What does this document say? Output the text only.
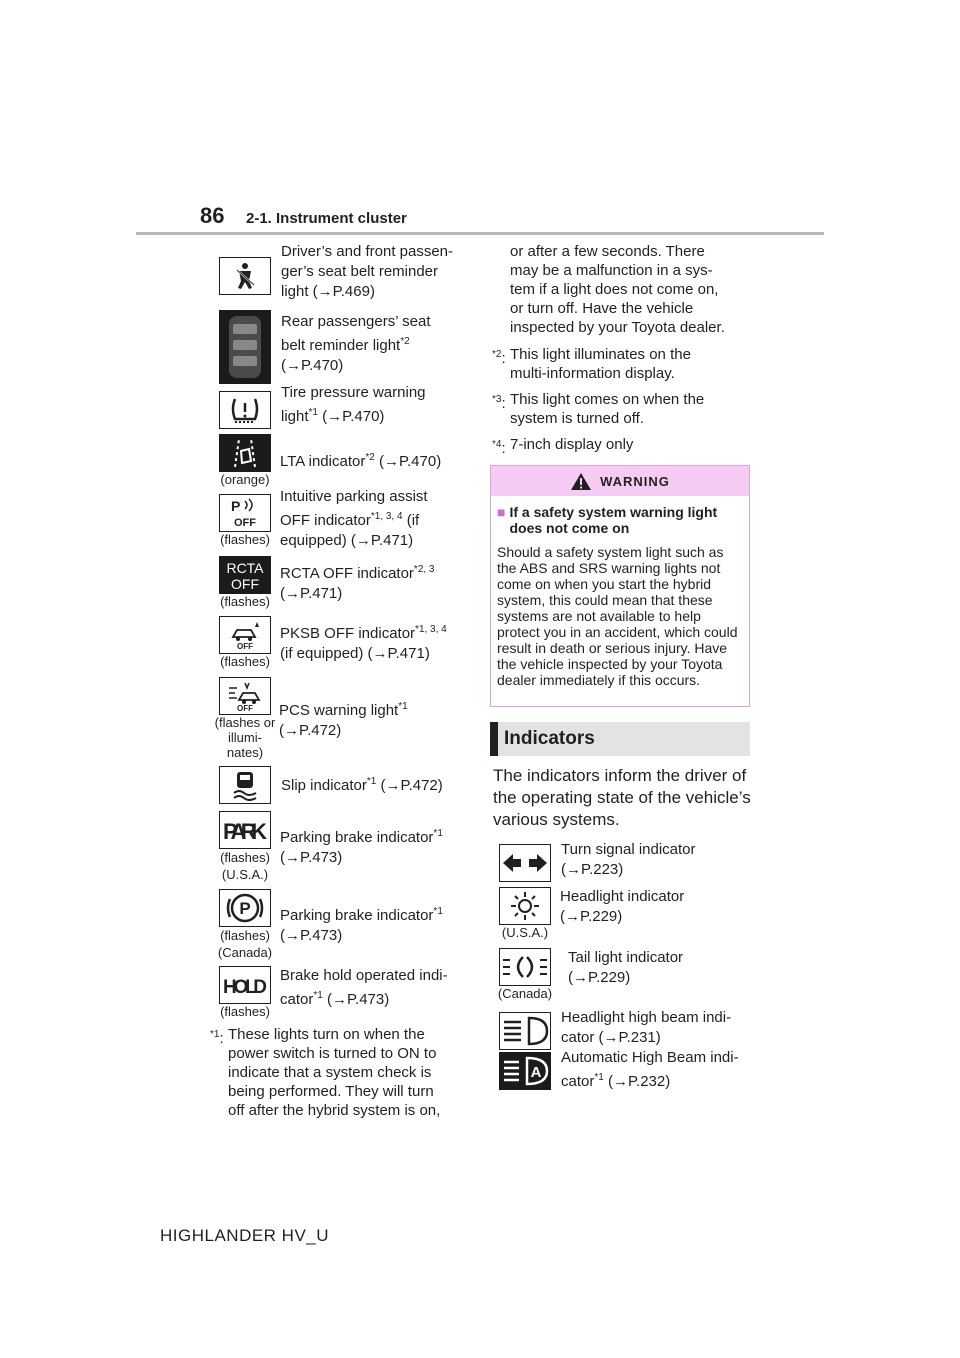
86 2-1. Instrument cluster
Driver’s and front passen-
ger’s seat belt reminder
light (→P.469)
Rear passengers’ seat
belt reminder light$^{*2}$
(→P.470)
Tire pressure warning
light$^{*1}$ (→P.470)
(orange)
LTA indicator$^{*2}$ (→P.470)
P
OFF
(flashes)
Intuitive parking assist
OFF indicator$^{*1, 3, 4}$ (if
equipped) (→P.471)
RCTA
OFF
(flashes)
RCTA OFF indicator$^{*2, 3}$
(→P.471)
OFF
(flashes)
PKSB OFF indicator$^{*1, 3, 4}$
(if equipped) (→P.471)
OFF
(flashes or
illumi-
nates)
PCS warning light$^{*1}$
(→P.472)
Slip indicator$^{*1}$ (→P.472)
PARK
(flashes)
(U.S.A.)
Parking brake indicator$^{*1}$
(→P.473)
P
(flashes)
(Canada)
Parking brake indicator$^{*1}$
(→P.473)
HOLD
(flashes)
Brake hold operated indi-
cator$^{*1}$ (→P.473)
$^{*1}$: These lights turn on when the
power switch is turned to ON to
indicate that a system check is
being performed. They will turn
off after the hybrid system is on,
or after a few seconds. There
may be a malfunction in a sys-
tem if a light does not come on,
or turn off. Have the vehicle
inspected by your Toyota dealer.
$^{*2}$: This light illuminates on the
multi-information display.
$^{*3}$: This light comes on when the
system is turned off.
$^{*4}$: 7-inch display only
WARNING
■ If a safety system warning light does not come on
Should a safety system light such as the ABS and SRS warning lights not come on when you start the hybrid system, this could mean that these systems are not available to help protect you in an accident, which could result in death or serious injury. Have the vehicle inspected by your Toyota dealer immediately if this occurs.
Indicators
The indicators inform the driver of the operating state of the vehicle’s various systems.
Turn signal indicator
(→P.223)
(U.S.A.)
Headlight indicator
(→P.229)
(Canada)
Tail light indicator
(→P.229)
Headlight high beam indi-
cator (→P.231)
A
Automatic High Beam indi-
cator$^{*1}$ (→P.232)
HIGHLANDER HV_U
